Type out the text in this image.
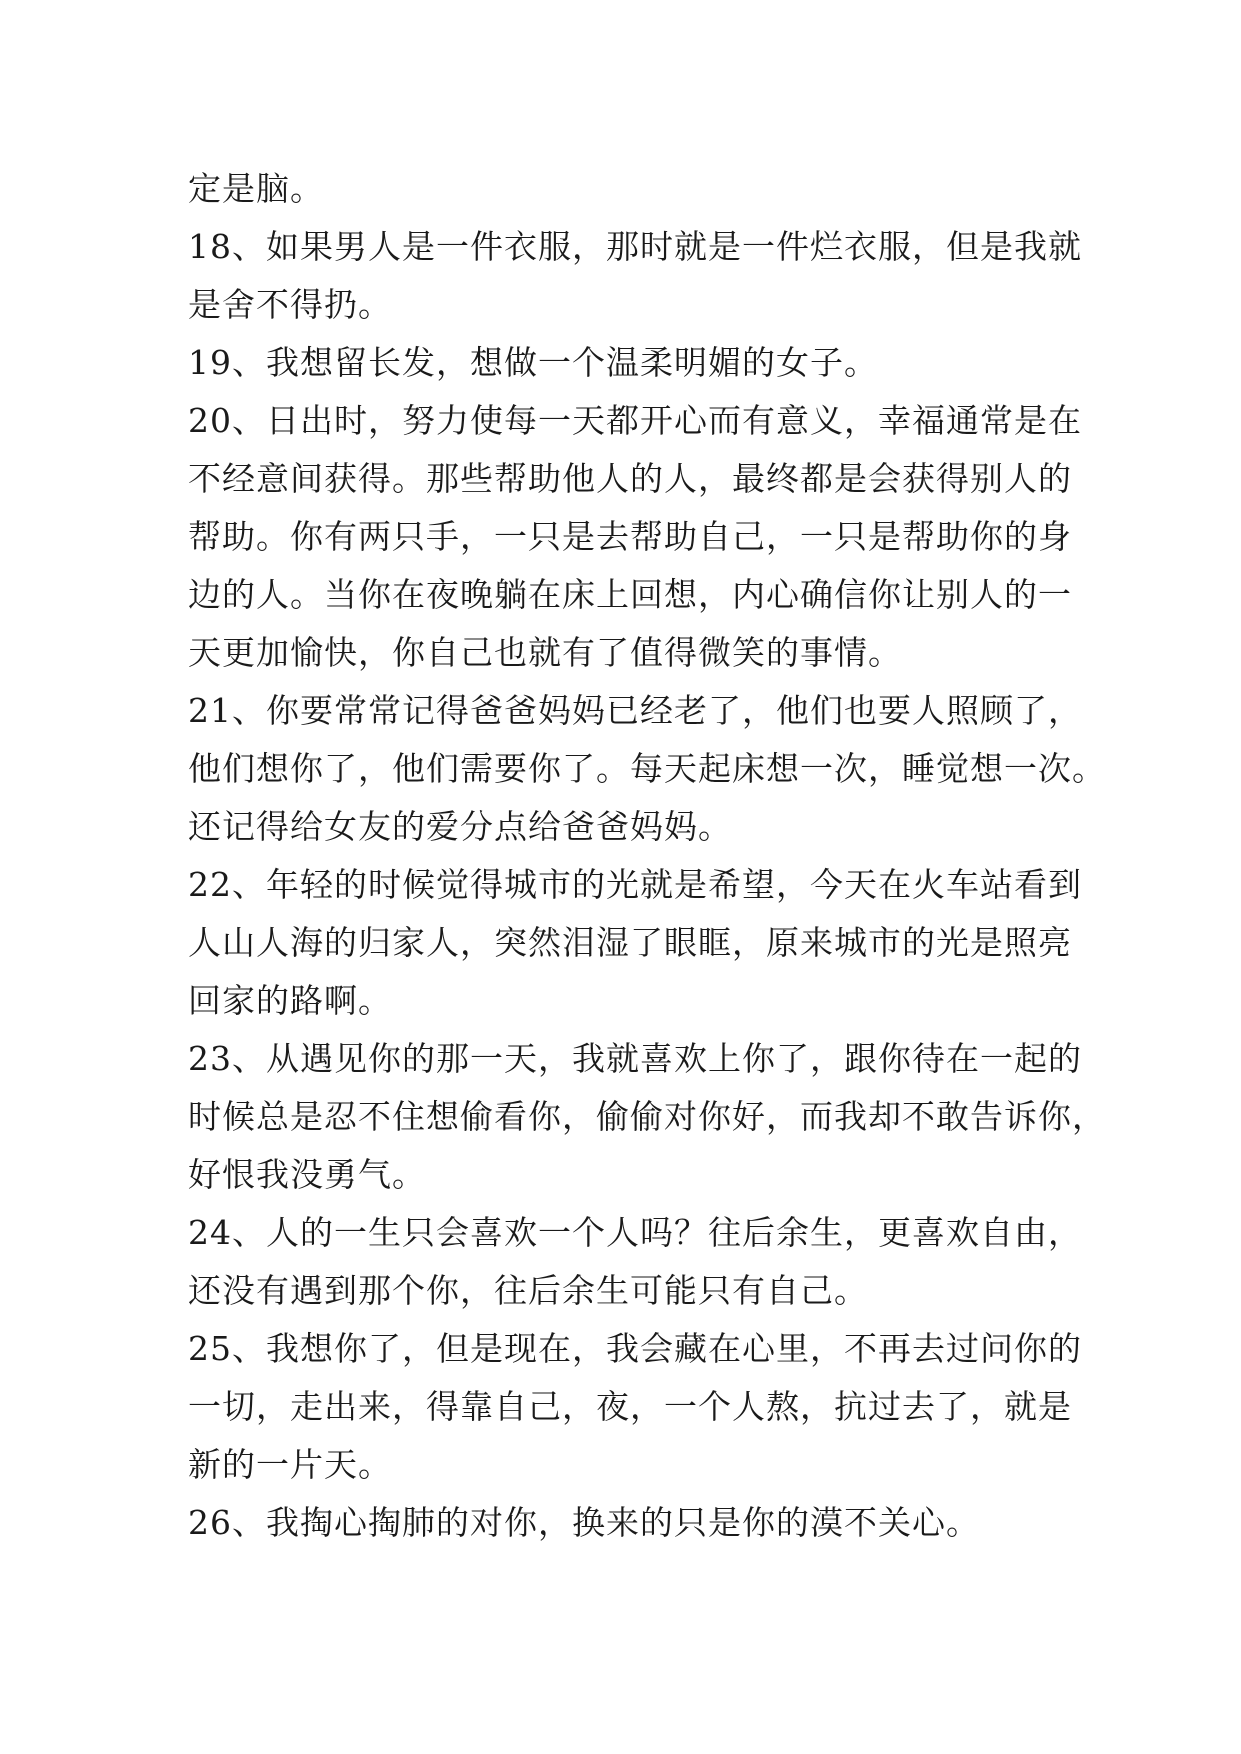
定是脑。
18、如果男人是一件衣服，那时就是一件烂衣服，但是我就
是舍不得扔。
19、我想留长发，想做一个温柔明媚的女子。
20、日出时，努力使每一天都开心而有意义，幸福通常是在
不经意间获得。那些帮助他人的人，最终都是会获得别人的
帮助。你有两只手，一只是去帮助自己，一只是帮助你的身
边的人。当你在夜晚躺在床上回想，内心确信你让别人的一
天更加愉快，你自己也就有了值得微笑的事情。
21、你要常常记得爸爸妈妈已经老了，他们也要人照顾了，
他们想你了，他们需要你了。每天起床想一次，睡觉想一次。
还记得给女友的爱分点给爸爸妈妈。
22、年轻的时候觉得城市的光就是希望，今天在火车站看到
人山人海的归家人，突然泪湿了眼眶，原来城市的光是照亮
回家的路啊。
23、从遇见你的那一天，我就喜欢上你了，跟你待在一起的
时候总是忍不住想偷看你，偷偷对你好，而我却不敢告诉你，
好恨我没勇气。
24、人的一生只会喜欢一个人吗？往后余生，更喜欢自由，
还没有遇到那个你，往后余生可能只有自己。
25、我想你了，但是现在，我会藏在心里，不再去过问你的
一切，走出来，得靠自己，夜，一个人熬，抗过去了，就是
新的一片天。
26、我掏心掏肺的对你，换来的只是你的漠不关心。
